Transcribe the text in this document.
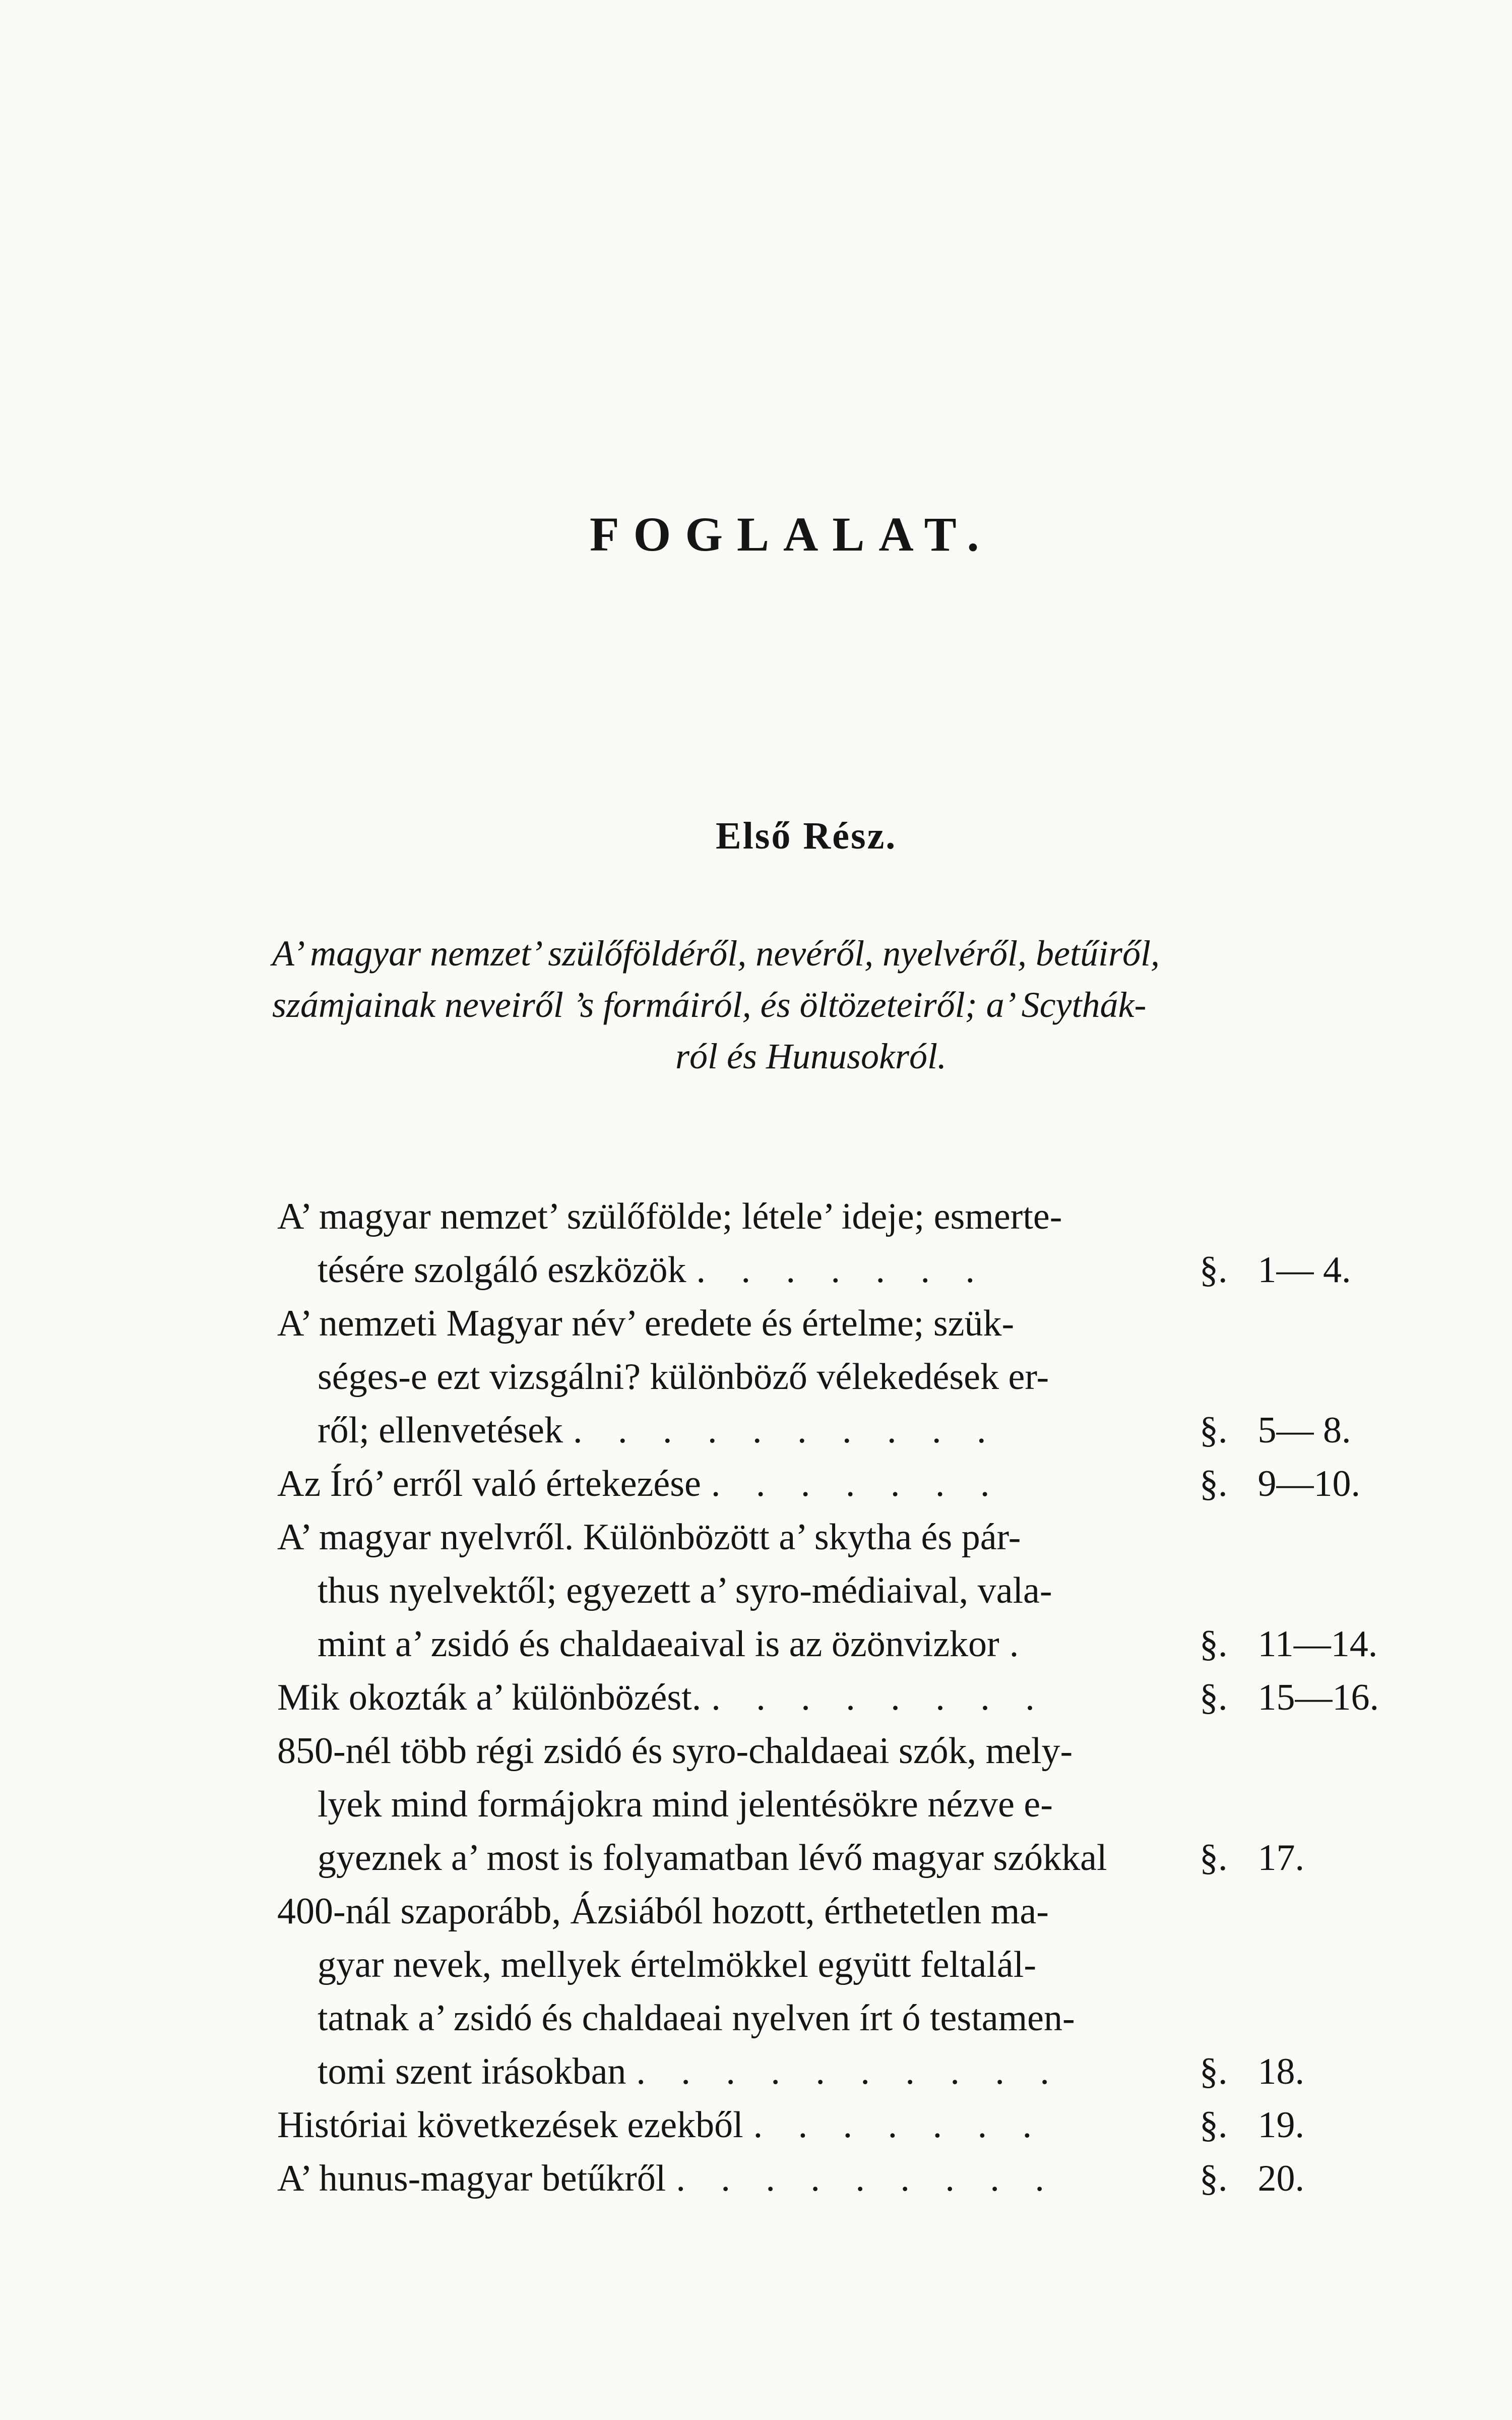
FOGLALAT.
Első Rész.
A’ magyar nemzet’ szülőföldéről, nevéről, nyelvéről, betűiről,
számjainak neveiről ’s formáiról, és öltözeteiről; a’ Scythák-
ról és Hunusokról.
A’ magyar nemzet’ szülőfölde; létele’ ideje; esmerte-
tésére szolgáló eszközök . . . . . . .	§. 1— 4.
A’ nemzeti Magyar név’ eredete és értelme; szük-
séges-e ezt vizsgálni? különböző vélekedések er-
ről; ellenvetések . . . . . . . . . .	§. 5— 8.
Az Író’ erről való értekezése . . . . . . .	§. 9—10.
A’ magyar nyelvről. Különbözött a’ skytha és pár-
thus nyelvektől; egyezett a’ syro-médiaival, vala-
mint a’ zsidó és chaldaeaival is az özönvizkor .	§. 11—14.
Mik okozták a’ különbözést. . . . . . . . .	§. 15—16.
850-nél több régi zsidó és syro-chaldaeai szók, mely-
lyek mind formájokra mind jelentésökre nézve e-
gyeznek a’ most is folyamatban lévő magyar szókkal §. 17.
400-nál szaporább, Ázsiából hozott, érthetetlen ma-
gyar nevek, mellyek értelmökkel együtt feltalál-
tatnak a’ zsidó és chaldaeai nyelven írt ó testamen-
tomi szent irásokban . . . . . . . . . .	§. 18.
Históriai következések ezekből . . . . . . .	§. 19.
A’ hunus-magyar betűkről . . . . . . . . .	§. 20.
